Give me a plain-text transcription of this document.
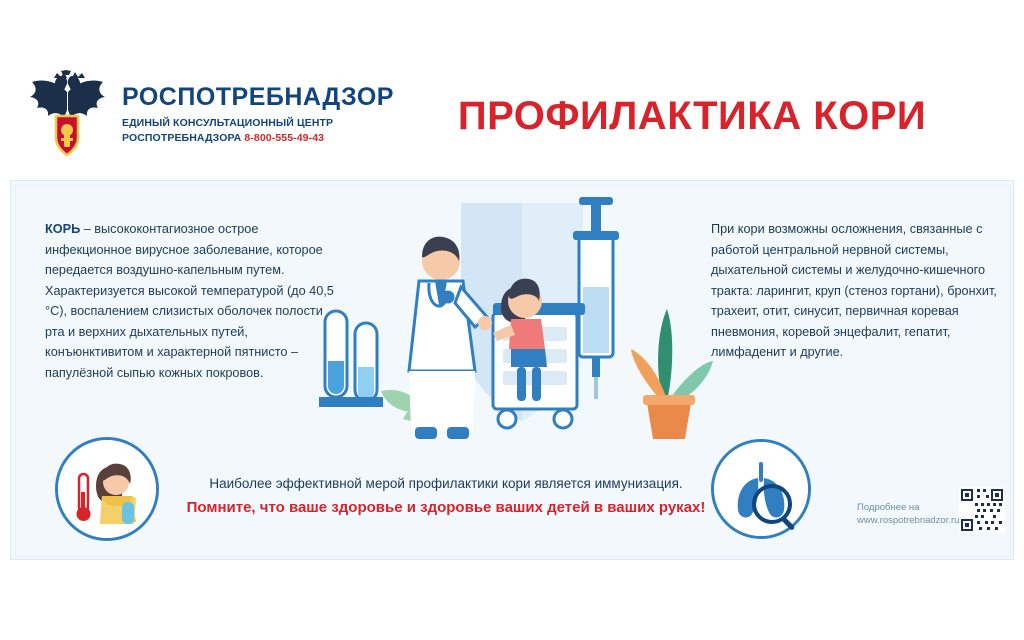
РОСПОТРЕБНАДЗОР
ЕДИНЫЙ КОНСУЛЬТАЦИОННЫЙ ЦЕНТР
РОСПОТРЕБНАДЗОРА 8-800-555-49-43
ПРОФИЛАКТИКА КОРИ
КОРЬ – высококонтагиозное острое инфекционное вирусное заболевание, которое передается воздушно-капельным путем. Характеризуется высокой температурой (до 40,5 °C), воспалением слизистых оболочек полости рта и верхних дыхательных путей, конъюнктивитом и характерной пятнисто – папулёзной сыпью кожных покровов.
При кори возможны осложнения, связанные с работой центральной нервной системы, дыхательной системы и желудочно-кишечного тракта: ларингит, круп (стеноз гортани), бронхит, трахеит, отит, синусит, первичная коревая пневмония, коревой энцефалит, гепатит, лимфаденит и другие.
Наиболее эффективной мерой профилактики кори является иммунизация.
Помните, что ваше здоровье и здоровье ваших детей в ваших руках!	Подробнее на
www.rospotrebnadzor.ru
